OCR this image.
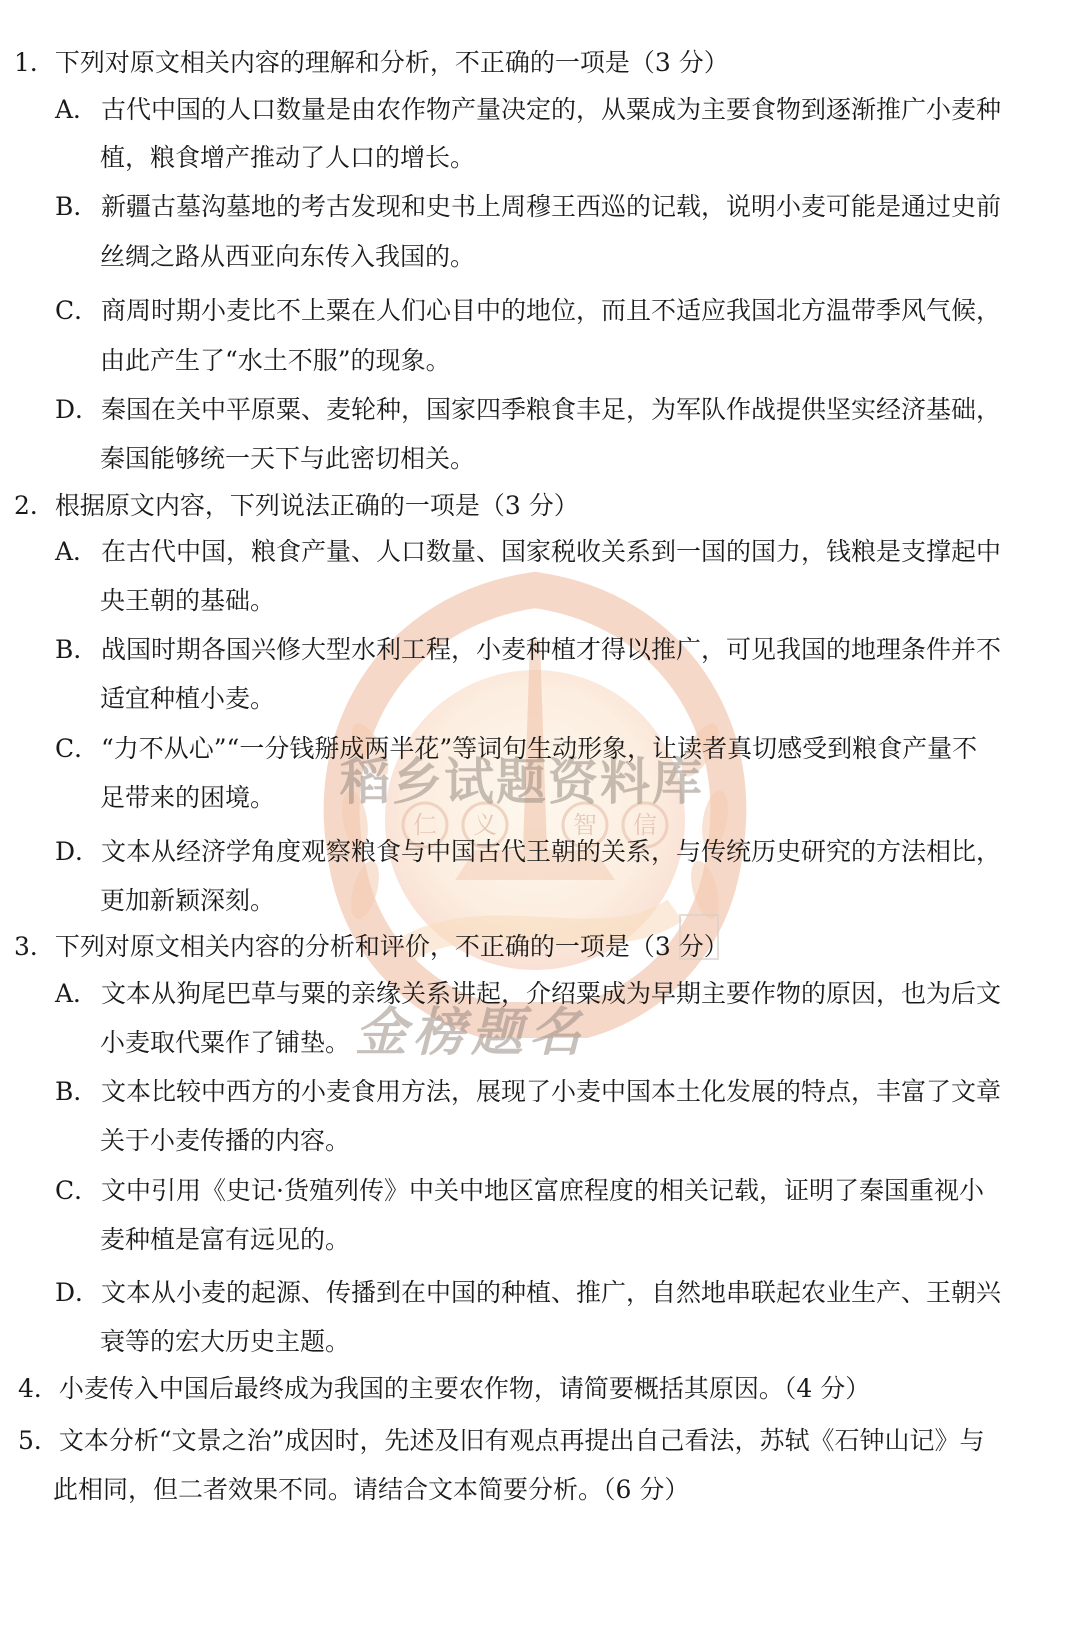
仁 义	智 信
稻乡试题资料库
金榜题名
1．下列对原文相关内容的理解和分析，不正确的一项是（3 分）
A． 古代中国的人口数量是由农作物产量决定的，从粟成为主要食物到逐渐推广小麦种
植，粮食增产推动了人口的增长。
B． 新疆古墓沟墓地的考古发现和史书上周穆王西巡的记载，说明小麦可能是通过史前
丝绸之路从西亚向东传入我国的。
C．商周时期小麦比不上粟在人们心目中的地位，而且不适应我国北方温带季风气候，
由此产生了“水土不服”的现象。
D．秦国在关中平原粟、麦轮种，国家四季粮食丰足，为军队作战提供坚实经济基础，
秦国能够统一天下与此密切相关。
2．根据原文内容，下列说法正确的一项是（3 分）
A． 在古代中国，粮食产量、人口数量、国家税收关系到一国的国力，钱粮是支撑起中
央王朝的基础。
B． 战国时期各国兴修大型水利工程，小麦种植才得以推广，可见我国的地理条件并不
适宜种植小麦。
C．“力不从心”“一分钱掰成两半花”等词句生动形象，让读者真切感受到粮食产量不
足带来的困境。
D．文本从经济学角度观察粮食与中国古代王朝的关系，与传统历史研究的方法相比，
更加新颖深刻。
3．下列对原文相关内容的分析和评价，不正确的一项是（3 分）
A． 文本从狗尾巴草与粟的亲缘关系讲起，介绍粟成为早期主要作物的原因，也为后文
小麦取代粟作了铺垫。
B． 文本比较中西方的小麦食用方法，展现了小麦中国本土化发展的特点，丰富了文章
关于小麦传播的内容。
C．文中引用《史记·货殖列传》中关中地区富庶程度的相关记载，证明了秦国重视小
麦种植是富有远见的。
D．文本从小麦的起源、传播到在中国的种植、推广，自然地串联起农业生产、王朝兴
衰等的宏大历史主题。
4．小麦传入中国后最终成为我国的主要农作物，请简要概括其原因。（4 分）
5．文本分析“文景之治”成因时，先述及旧有观点再提出自己看法，苏轼《石钟山记》与
此相同，但二者效果不同。请结合文本简要分析。（6 分）
